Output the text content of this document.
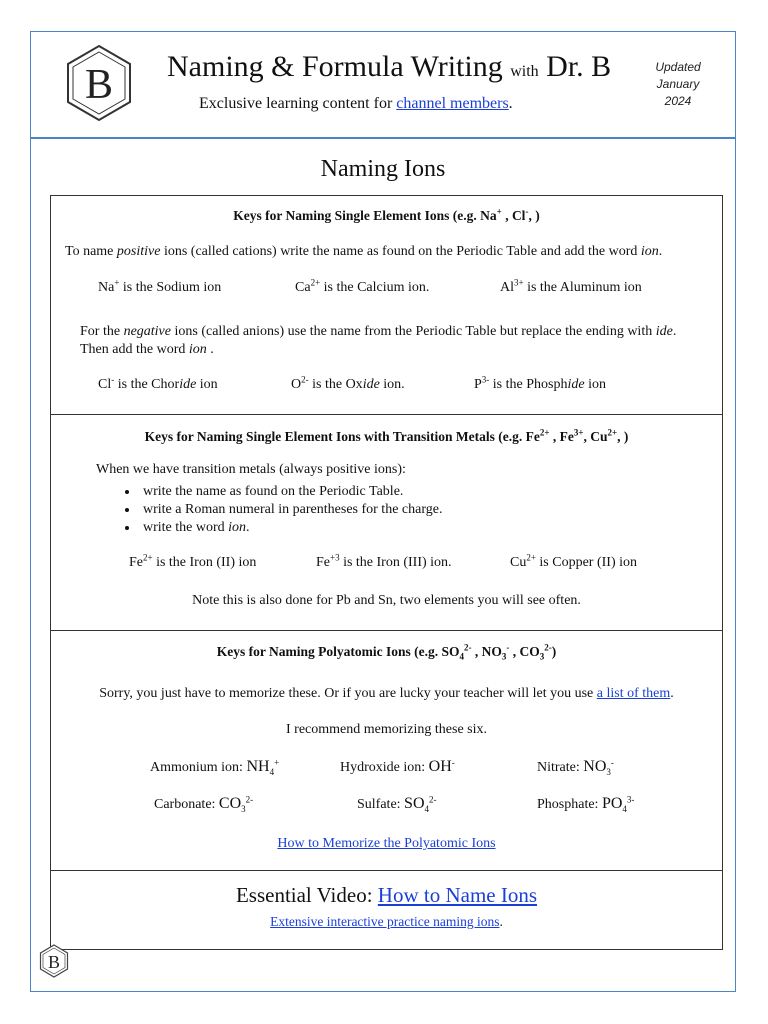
B Naming & Formula Writing with Dr. B
Exclusive learning content for channel members.
Updated
January
2024
Naming Ions
Keys for Naming Single Element Ions (e.g. Na+ , Cl-, )
To name positive ions (called cations) write the name as found on the Periodic Table and add the word ion.
Na+ is the Sodium ion	$Ca^{2+}$ is the Calcium ion.	$Al^{3+}$ is the Aluminum ion
For the negative ions (called anions) use the name from the Periodic Table but replace the ending with ide. Then add the word ion .
Cl- is the Choride ion	$O^{2-}$ is the Oxide ion.	$P^{3-}$ is the Phosphide ion
Keys for Naming Single Element Ions with Transition Metals (e.g. $Fe^{2+}$ , $Fe^{3+}$, $Cu^{2+}$, )
When we have transition metals (always positive ions):
• write the name as found on the Periodic Table.
• write a Roman numeral in parentheses for the charge.
• write the word ion.
$Fe^{2+}$ is the Iron (II) ion	$Fe^{+3}$ is the Iron (III) ion.	$Cu^{2+}$ is Copper (II) ion
Note this is also done for Pb and Sn, two elements you will see often.
Keys for Naming Polyatomic Ions (e.g. $SO_4^{2-}$ , $NO_3^-$ , $CO_3^{2-}$)
Sorry, you just have to memorize these. Or if you are lucky your teacher will let you use a list of them.
I recommend memorizing these six.
Ammonium ion: $NH_4^+$	Hydroxide ion: OH-	Nitrate: $NO_3^-$
Carbonate: $CO_3^{2-}$	Sulfate: $SO_4^{2-}$	Phosphate: $PO_4^{3-}$
How to Memorize the Polyatomic Ions
Essential Video: How to Name Ions
Extensive interactive practice naming ions.
B
